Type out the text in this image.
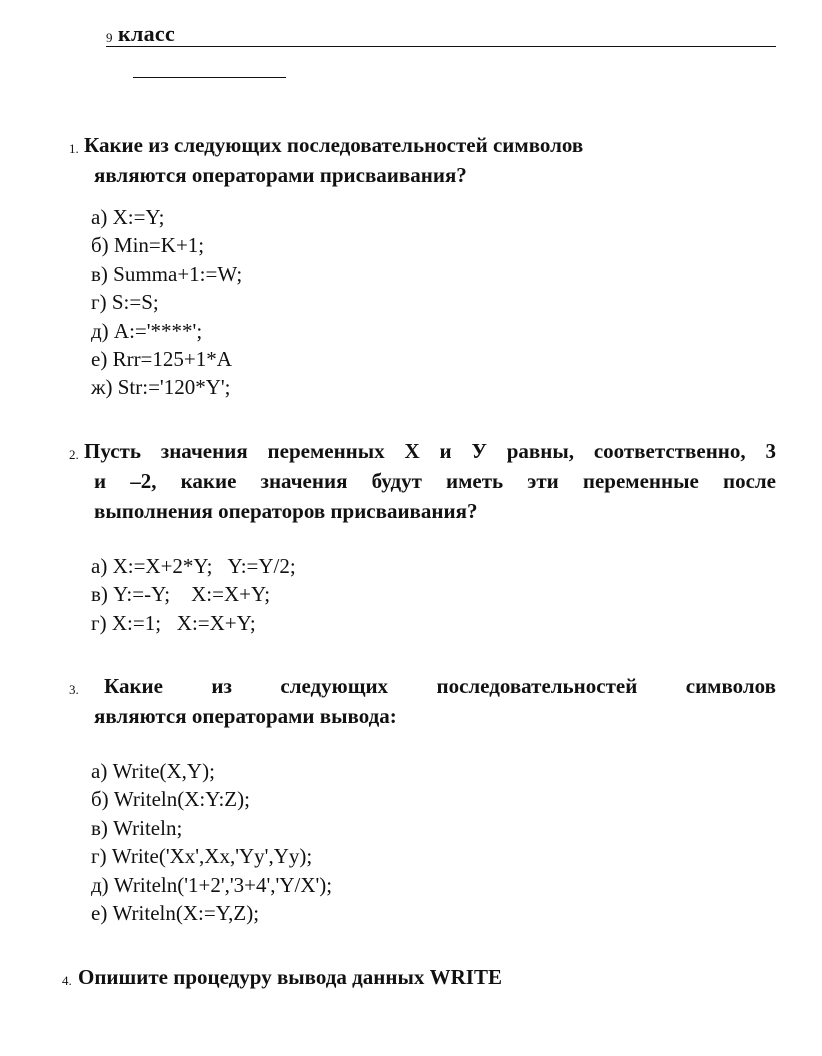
9 класс
1. Какие из следующих последовательностей символов

являются операторами присваивания?

а) X:=Y;
б) Min=K+1;
в) Summa+1:=W;
г) S:=S;
д) A:='****';
е) Rrr=125+1*A
ж) Str:='120*Y';
2. Пусть значения переменных X и У равны, соответственно, 3

и –2, какие значения будут иметь эти переменные после

выполнения операторов присваивания?

а) X:=X+2*Y;   Y:=Y/2;
в) Y:=-Y;    X:=X+Y;
г) X:=1;   X:=X+Y;
3. Какие из следующих последовательностей символов

являются операторами вывода:

а) Write(X,Y);
б) Writeln(X:Y:Z);
в) Writeln;
г) Write('Xx',Xx,'Yy',Yy);
д) Writeln('1+2','3+4','Y/X');
е) Writeln(X:=Y,Z);
4. Опишите процедуру вывода данных WRITE
